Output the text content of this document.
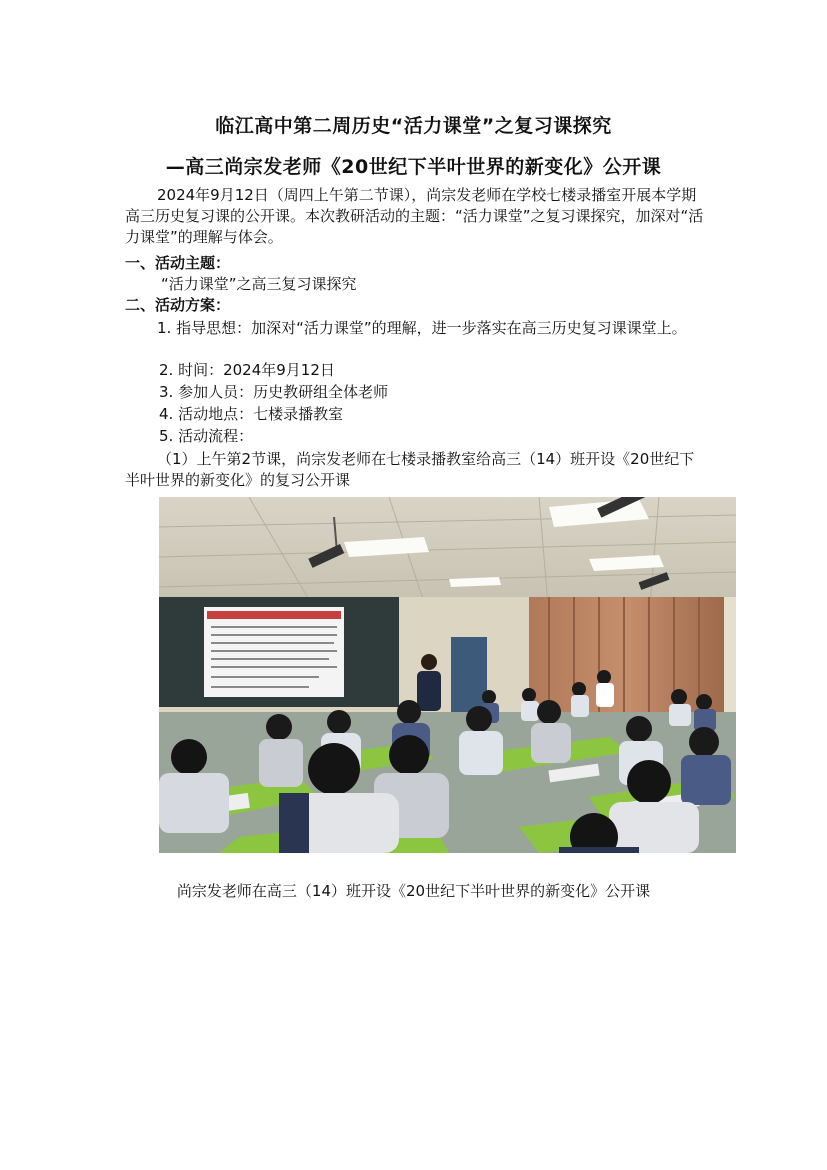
临江高中第二周历史“活力课堂”之复习课探究
—高三尚宗发老师《20世纪下半叶世界的新变化》公开课

2024年9月12日（周四上午第二节课），尚宗发老师在学校七楼录播室开展本学期高三历史复习课的公开课。本次教研活动的主题：“活力课堂”之复习课探究，加深对“活力课堂”的理解与体会。

一、活动主题：
“活力课堂”之高三复习课探究
二、活动方案：

1. 指导思想：加深对“活力课堂”的理解，进一步落实在高三历史复习课课堂上。

2. 时间：2024年9月12日
3. 参加人员：历史教研组全体老师
4. 活动地点：七楼录播教室
5. 活动流程：

（1）上午第2节课，尚宗发老师在七楼录播教室给高三（14）班开设《20世纪下半叶世界的新变化》的复习公开课

尚宗发老师在高三（14）班开设《20世纪下半叶世界的新变化》公开课
